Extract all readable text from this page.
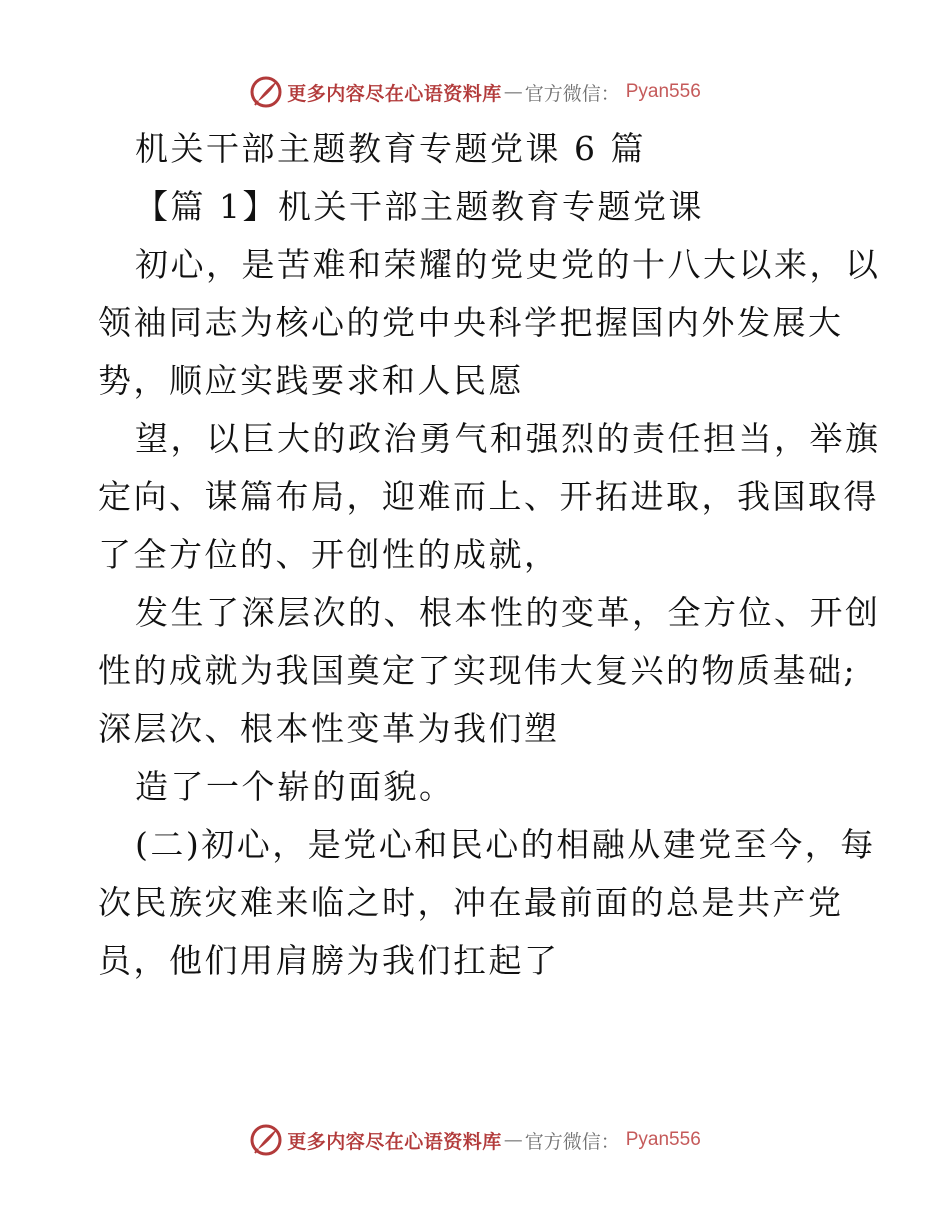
更多内容尽在心语资料库 — 官方微信： Pyan556
机关干部主题教育专题党课 6 篇
【篇 1】机关干部主题教育专题党课
初心，是苦难和荣耀的党史党的十八大以来，以
领袖同志为核心的党中央科学把握国内外发展大
势，顺应实践要求和人民愿
望，以巨大的政治勇气和强烈的责任担当，举旗
定向、谋篇布局，迎难而上、开拓进取，我国取得
了全方位的、开创性的成就，
发生了深层次的、根本性的变革，全方位、开创
性的成就为我国奠定了实现伟大复兴的物质基础;
深层次、根本性变革为我们塑
造了一个崭的面貌。
(二)初心，是党心和民心的相融从建党至今，每
次民族灾难来临之时，冲在最前面的总是共产党
员，他们用肩膀为我们扛起了
更多内容尽在心语资料库 — 官方微信： Pyan556
